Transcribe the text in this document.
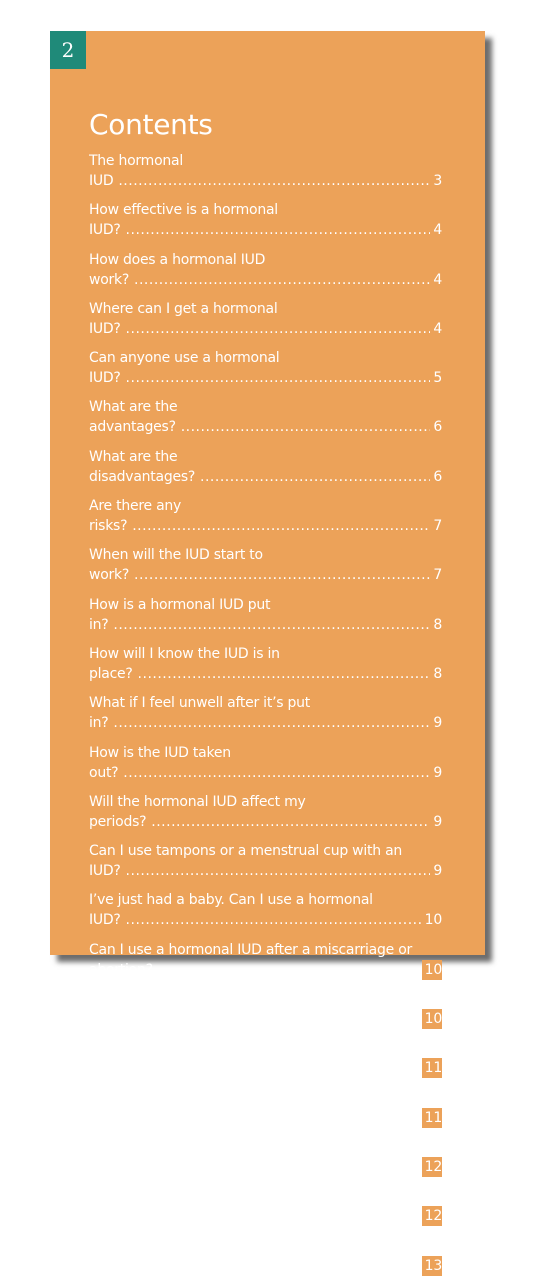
2
Contents
The hormonal IUD .....	3
How effective is a hormonal IUD? .....	4
How does a hormonal IUD work? .....	4
Where can I get a hormonal IUD? .....	4
Can anyone use a hormonal IUD? .....	5
What are the advantages? .....	6
What are the disadvantages? .....	6
Are there any risks? .....	7
When will the IUD start to work? .....	7
How is a hormonal IUD put in? .....	8
How will I know the IUD is in place? .....	8
What if I feel unwell after it’s put in? .....	9
How is the IUD taken out? .....	9
Will the hormonal IUD affect my periods? .....	9
Can I use tampons or a menstrual cup with an IUD? .....	9
I’ve just had a baby. Can I use a hormonal IUD? .....	10
Can I use a hormonal IUD after a miscarriage or abortion? .....	10
What if I want to stop using the IUD or try to get pregnant? .....	10
What if I think I’m pregnant? .....	11
How often do I need a check-up? .....	11
Where can I get more information and advice? .....	12
Sexually transmitted infections .....	12
Emergency contraception .....	13
